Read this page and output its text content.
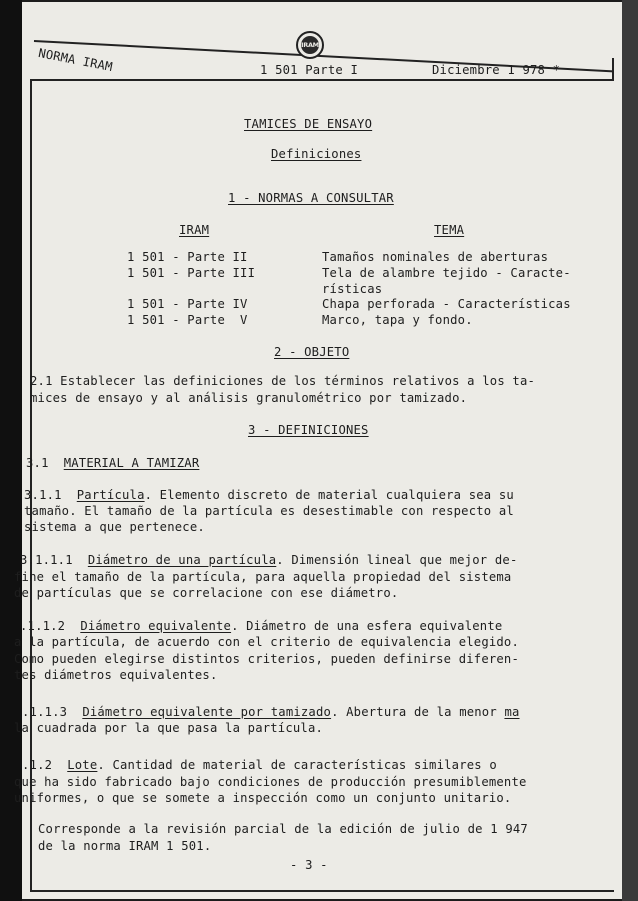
NORMA IRAM
IRAM
1 501 Parte I	Diciembre 1 978 *
TAMICES DE ENSAYO
Definiciones
1 - NORMAS A CONSULTAR
IRAM	TEMA
1 501 - Parte II	Tamaños nominales de aberturas
1 501 - Parte III	Tela de alambre tejido - Caracte-
rísticas
1 501 - Parte IV	Chapa perforada - Características
1 501 - Parte  V	Marco, tapa y fondo.
2 - OBJETO
2.1 Establecer las definiciones de los términos relativos a los ta-
mices de ensayo y al análisis granulométrico por tamizado.
3 - DEFINICIONES
3.1 MATERIAL A TAMIZAR
3.1.1 Partícula. Elemento discreto de material cualquiera sea su
tamaño. El tamaño de la partícula es desestimable con respecto al
sistema a que pertenece.
3.1.1.1 Diámetro de una partícula. Dimensión lineal que mejor de-
fine el tamaño de la partícula, para aquella propiedad del sistema
de partículas que se correlacione con ese diámetro.
.1.1.2 Diámetro equivalente. Diámetro de una esfera equivalente
a la partícula, de acuerdo con el criterio de equivalencia elegido.
Como pueden elegirse distintos criterios, pueden definirse diferen-
tes diámetros equivalentes.
.1.1.3 Diámetro equivalente por tamizado. Abertura de la menor ma
la cuadrada por la que pasa la partícula.
.1.2 Lote. Cantidad de material de características similares o
que ha sido fabricado bajo condiciones de producción presumiblemente
uniformes, o que se somete a inspección como un conjunto unitario.
Corresponde a la revisión parcial de la edición de julio de 1 947
de la norma IRAM 1 501.
- 3 -
